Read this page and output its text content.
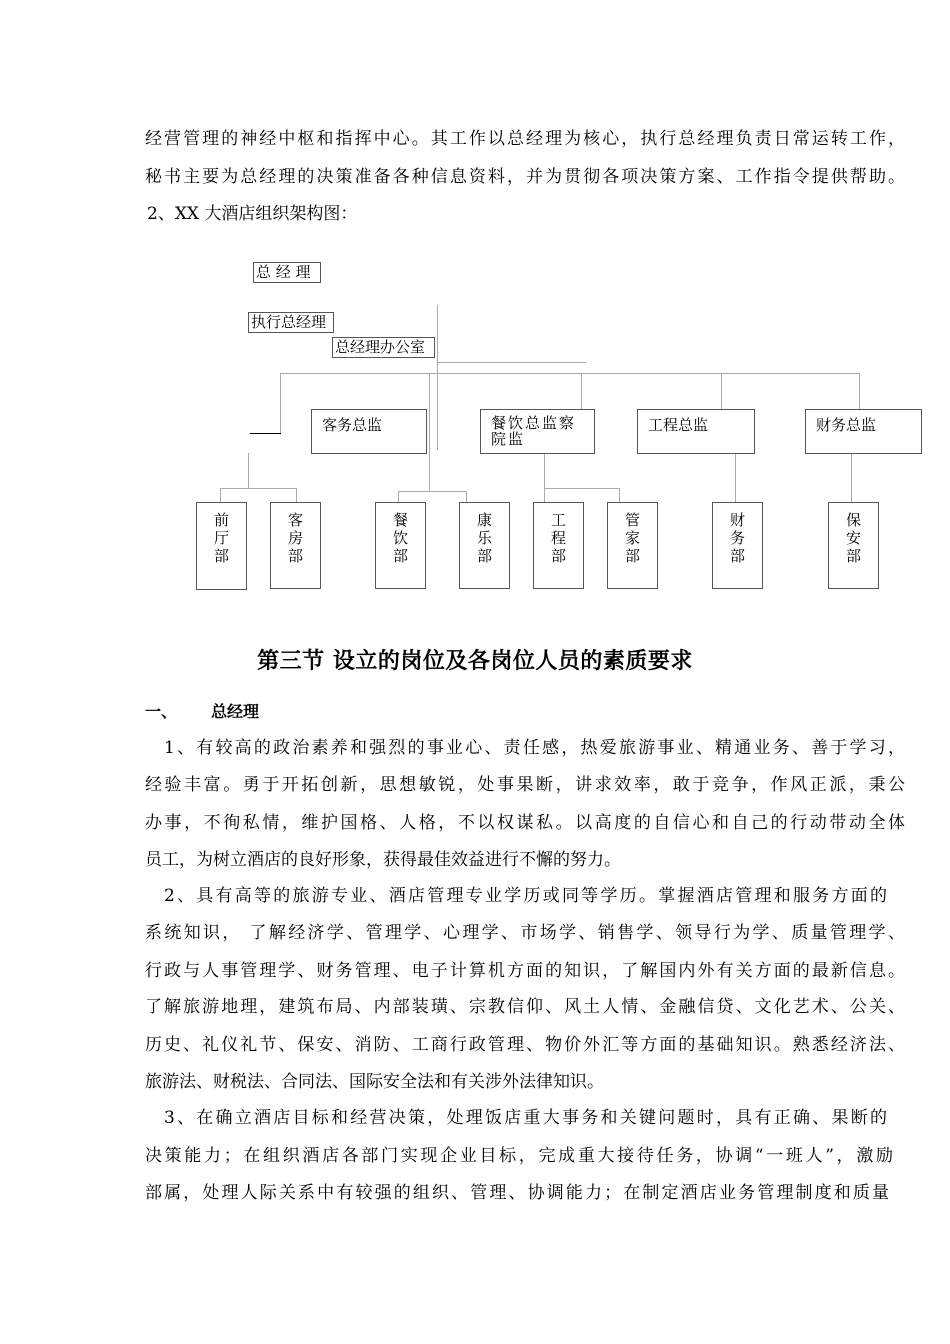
经营管理的神经中枢和指挥中心。其工作以总经理为核心，执行总经理负责日常运转工作，
秘书主要为总经理的决策准备各种信息资料，并为贯彻各项决策方案、工作指令提供帮助。
2、XX 大酒店组织架构图：
总 经 理
执行总经理
总经理办公室
客务总监	餐饮总监察院监
工程总监	财务总监
前
厅
部
客
房
部
餐
饮
部
康
乐
部
工
程
部
管
家
部
财
务
部
保
安
部
第三节 设立的岗位及各岗位人员的素质要求
一、 总经理
1、有较高的政治素养和强烈的事业心、责任感，热爱旅游事业、精通业务、善于学习，
经验丰富。勇于开拓创新，思想敏锐，处事果断，讲求效率，敢于竞争，作风正派，秉公
办事，不徇私情，维护国格、人格，不以权谋私。以高度的自信心和自己的行动带动全体
员工，为树立酒店的良好形象，获得最佳效益进行不懈的努力。
2、具有高等的旅游专业、酒店管理专业学历或同等学历。掌握酒店管理和服务方面的
系统知识， 了解经济学、管理学、心理学、市场学、销售学、领导行为学、质量管理学、
行政与人事管理学、财务管理、电子计算机方面的知识，了解国内外有关方面的最新信息。
了解旅游地理，建筑布局、内部装璜、宗教信仰、风土人情、金融信贷、文化艺术、公关、
历史、礼仪礼节、保安、消防、工商行政管理、物价外汇等方面的基础知识。熟悉经济法、
旅游法、财税法、合同法、国际安全法和有关涉外法律知识。
3、在确立酒店目标和经营决策，处理饭店重大事务和关键问题时，具有正确、果断的
决策能力；在组织酒店各部门实现企业目标，完成重大接待任务，协调“一班人”，激励
部属，处理人际关系中有较强的组织、管理、协调能力；在制定酒店业务管理制度和质量
